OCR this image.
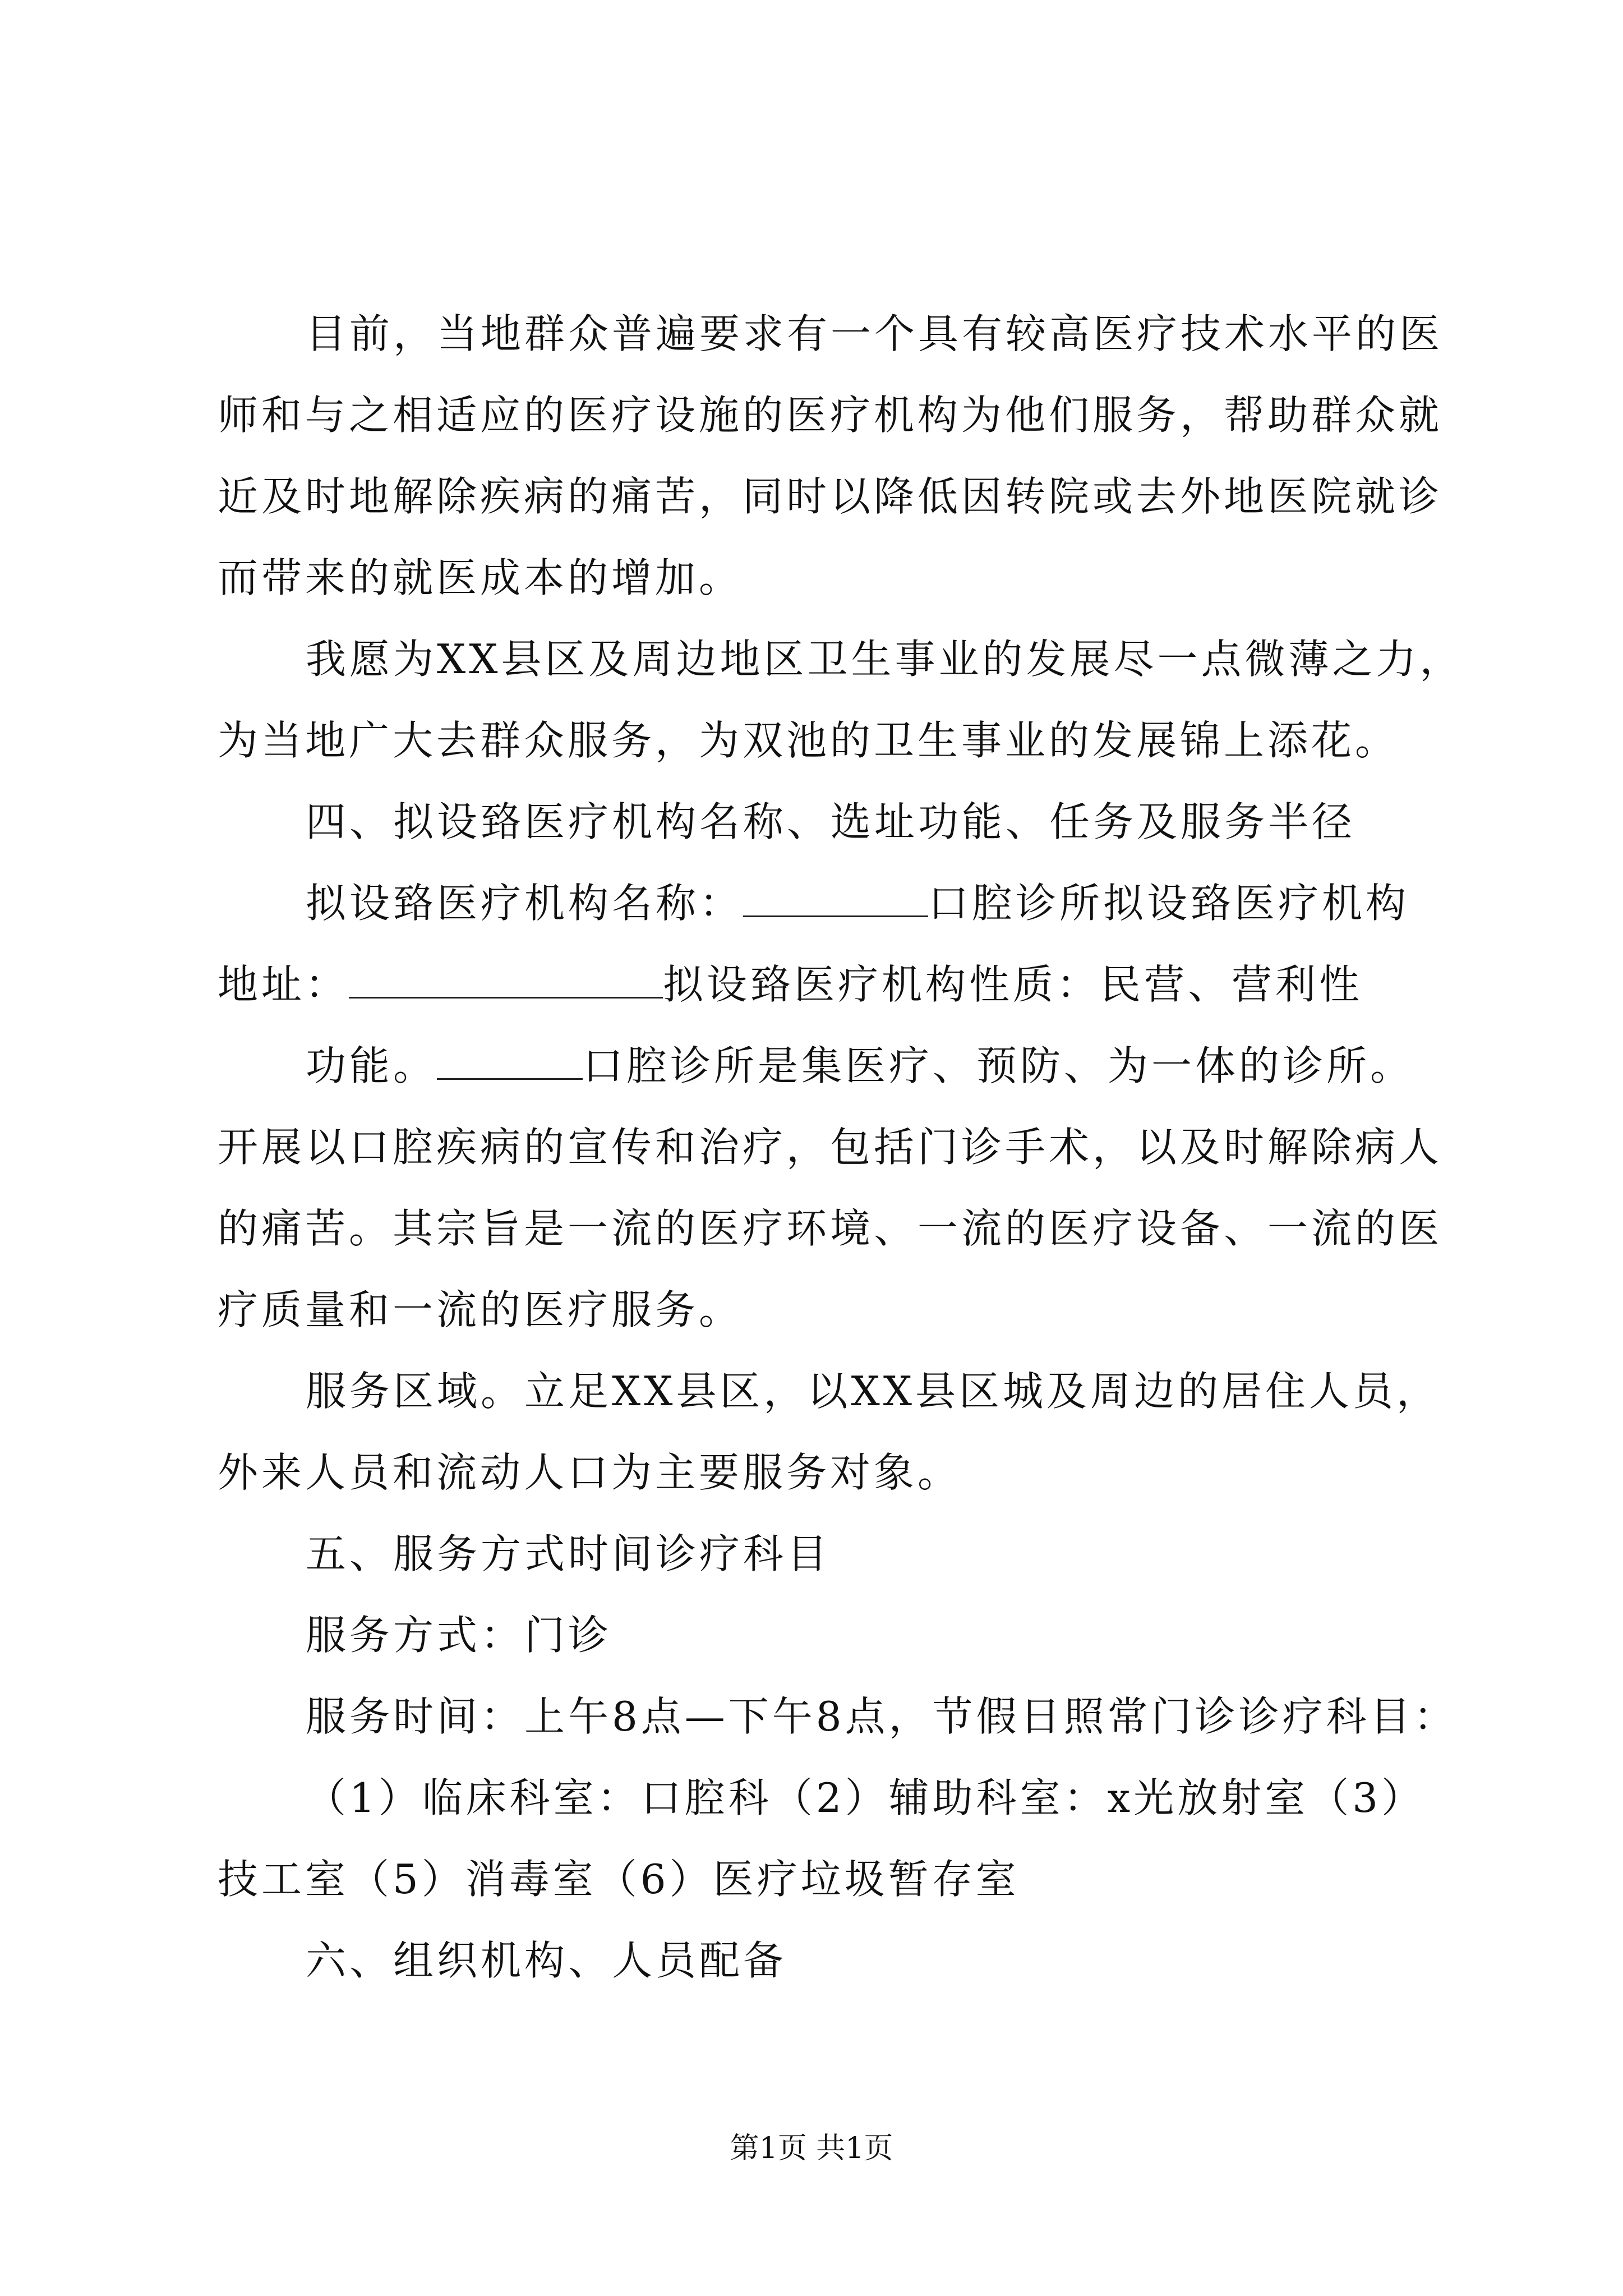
目前，当地群众普遍要求有一个具有较高医疗技术水平的医
师和与之相适应的医疗设施的医疗机构为他们服务，帮助群众就
近及时地解除疾病的痛苦，同时以降低因转院或去外地医院就诊
而带来的就医成本的增加。
我愿为XX县区及周边地区卫生事业的发展尽一点微薄之力，
为当地广大去群众服务，为双池的卫生事业的发展锦上添花。
四、拟设臵医疗机构名称、选址功能、任务及服务半径
拟设臵医疗机构名称：	口腔诊所拟设臵医疗机构
地址：	拟设臵医疗机构性质：民营、营利性
功能。	口腔诊所是集医疗、预防、为一体的诊所。
开展以口腔疾病的宣传和治疗，包括门诊手术，以及时解除病人
的痛苦。其宗旨是一流的医疗环境、一流的医疗设备、一流的医
疗质量和一流的医疗服务。
服务区域。立足XX县区，以XX县区城及周边的居住人员，
外来人员和流动人口为主要服务对象。
五、服务方式时间诊疗科目
服务方式：门诊
服务时间：上午8点—下午8点，节假日照常门诊诊疗科目：
（1）临床科室：口腔科（2）辅助科室：x光放射室（3）
技工室（5）消毒室（6）医疗垃圾暂存室
六、组织机构、人员配备
第1页 共1页
